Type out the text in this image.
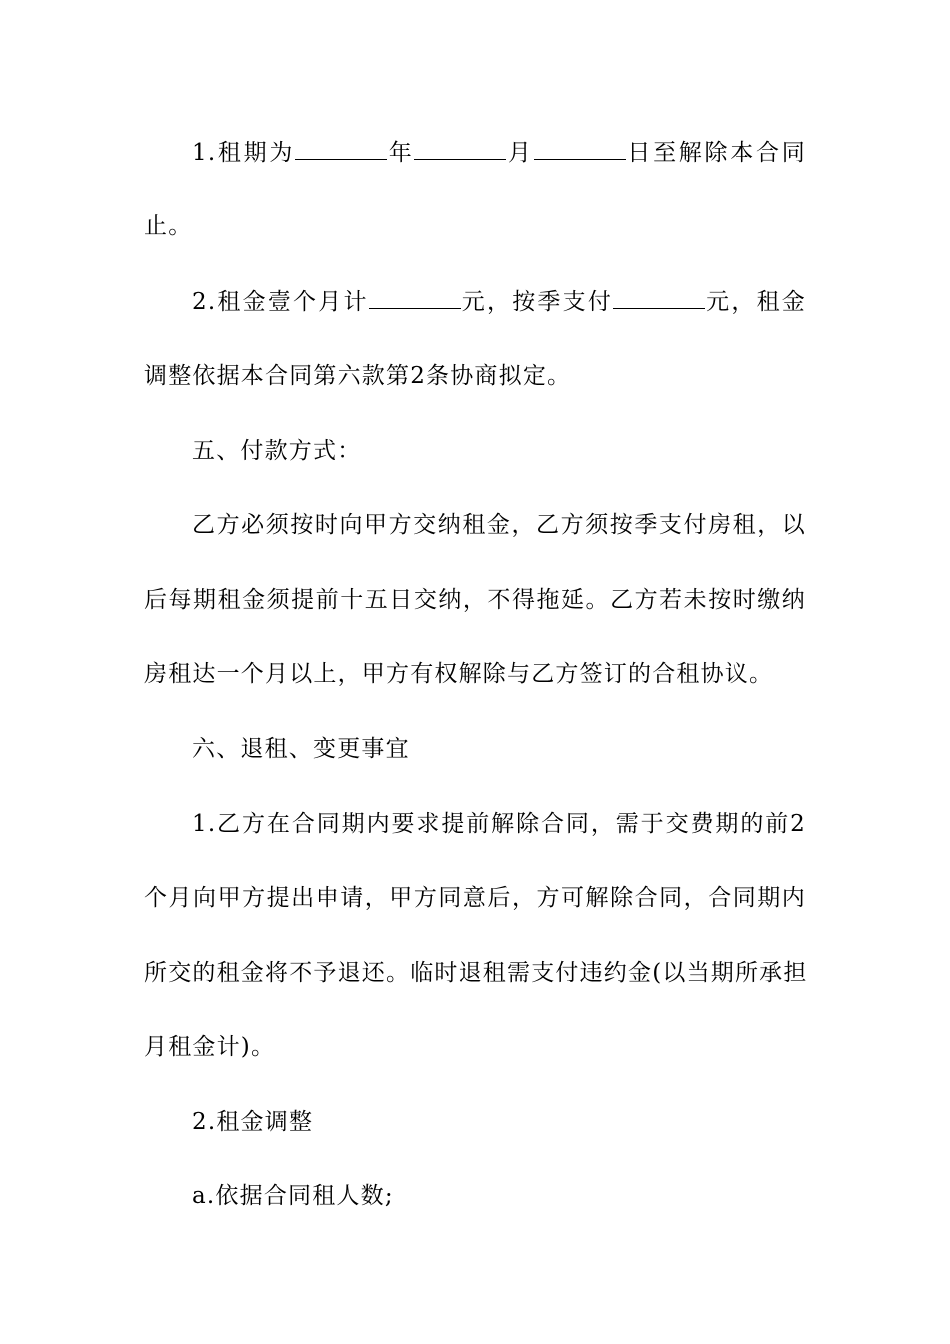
1.租期为	年	月	日至解除本合同
止。
2.租金壹个月计	元，按季支付	元，租金
调整依据本合同第六款第2条协商拟定。
五、付款方式：
乙方必须按时向甲方交纳租金，乙方须按季支付房租，以
后每期租金须提前十五日交纳，不得拖延。乙方若未按时缴纳
房租达一个月以上，甲方有权解除与乙方签订的合租协议。
六、退租、变更事宜
1.乙方在合同期内要求提前解除合同，需于交费期的前2
个月向甲方提出申请，甲方同意后，方可解除合同，合同期内
所交的租金将不予退还。临时退租需支付违约金(以当期所承担
月租金计)。
2.租金调整
a.依据合同租人数;
